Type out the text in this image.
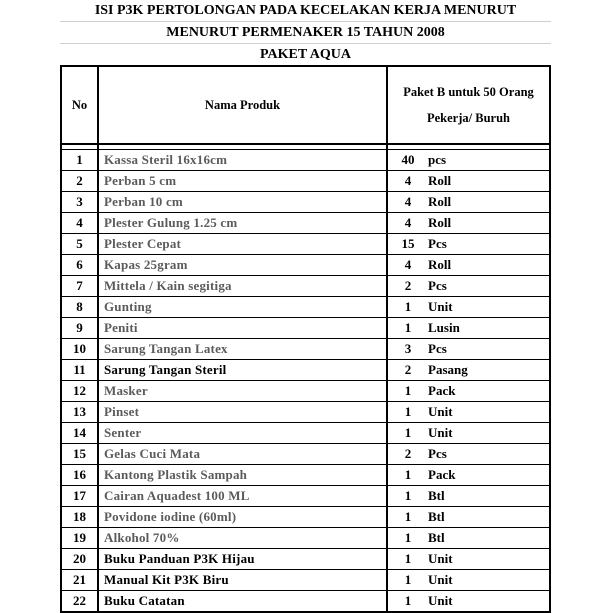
ISI P3K PERTOLONGAN PADA KECELAKAN KERJA MENURUT
MENURUT PERMENAKER 15 TAHUN 2008
PAKET AQUA
No	Nama Produk	Paket B untuk 50 Orang Pekerja/ Buruh

1	Kassa Steril 16x16cm	40 pcs
2	Perban 5 cm	4 Roll
3	Perban 10 cm	4 Roll
4	Plester Gulung 1.25 cm	4 Roll
5	Plester Cepat	15 Pcs
6	Kapas 25gram	4 Roll
7	Mittela / Kain segitiga	2 Pcs
8	Gunting	1 Unit
9	Peniti	1 Lusin
10	Sarung Tangan Latex	3 Pcs
11	Sarung Tangan Steril	2 Pasang
12	Masker	1 Pack
13	Pinset	1 Unit
14	Senter	1 Unit
15	Gelas Cuci Mata	2 Pcs
16	Kantong Plastik Sampah	1 Pack
17	Cairan Aquadest 100 ML	1 Btl
18	Povidone iodine (60ml)	1 Btl
19	Alkohol 70%	1 Btl
20	Buku Panduan P3K Hijau	1 Unit
21	Manual Kit P3K Biru	1 Unit
22	Buku Catatan	1 Unit
